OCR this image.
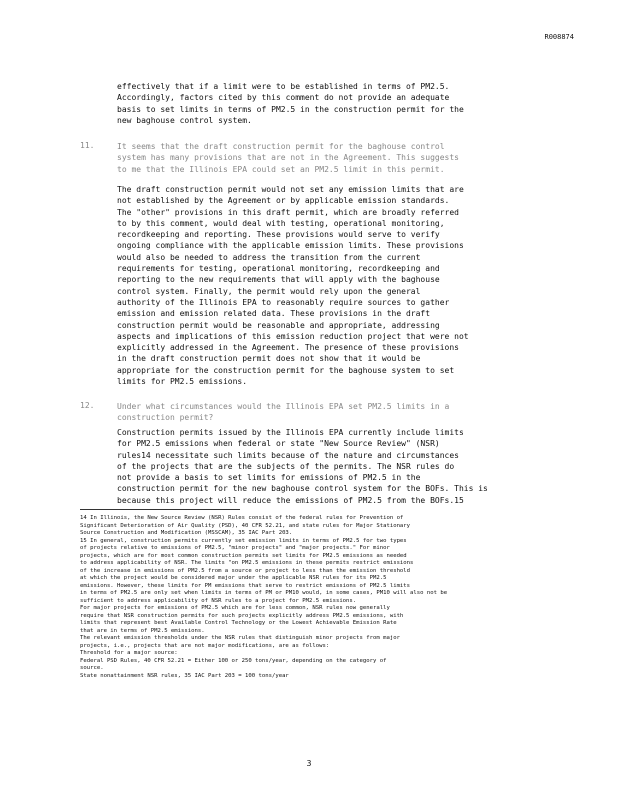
R008874
effectively that if a limit were to be established in terms of PM2.5.
Accordingly, factors cited by this comment do not provide an adequate
basis to set limits in terms of PM2.5 in the construction permit for the
new baghouse control system.
11.	It seems that the draft construction permit for the baghouse control
system has many provisions that are not in the Agreement. This suggests
to me that the Illinois EPA could set an PM2.5 limit in this permit.
The draft construction permit would not set any emission limits that are
not established by the Agreement or by applicable emission standards.
The "other" provisions in this draft permit, which are broadly referred
to by this comment, would deal with testing, operational monitoring,
recordkeeping and reporting. These provisions would serve to verify
ongoing compliance with the applicable emission limits. These provisions
would also be needed to address the transition from the current
requirements for testing, operational monitoring, recordkeeping and
reporting to the new requirements that will apply with the baghouse
control system. Finally, the permit would rely upon the general
authority of the Illinois EPA to reasonably require sources to gather
emission and emission related data. These provisions in the draft
construction permit would be reasonable and appropriate, addressing
aspects and implications of this emission reduction project that were not
explicitly addressed in the Agreement. The presence of these provisions
in the draft construction permit does not show that it would be
appropriate for the construction permit for the baghouse system to set
limits for PM2.5 emissions.
12.	Under what circumstances would the Illinois EPA set PM2.5 limits in a
construction permit?
Construction permits issued by the Illinois EPA currently include limits
for PM2.5 emissions when federal or state "New Source Review" (NSR)
rules14 necessitate such limits because of the nature and circumstances
of the projects that are the subjects of the permits. The NSR rules do
not provide a basis to set limits for emissions of PM2.5 in the
construction permit for the new baghouse control system for the BOFs. This is
because this project will reduce the emissions of PM2.5 from the BOFs.15
14 In Illinois, the New Source Review (NSR) Rules consist of the federal rules for Prevention of
Significant Deterioration of Air Quality (PSD), 40 CFR 52.21, and state rules for Major Stationary
Source Construction and Modification (MSSCAM), 35 IAC Part 203.
15 In general, construction permits currently set emission limits in terms of PM2.5 for two types
of projects relative to emissions of PM2.5, "minor projects" and "major projects." For minor
projects, which are for most common construction permits set limits for PM2.5 emissions as needed
to address applicability of NSR. The limits "on PM2.5 emissions in these permits restrict emissions
of the increase in emissions of PM2.5 from a source or project to less than the emission threshold
at which the project would be considered major under the applicable NSR rules for its PM2.5
emissions. However, these limits for PM emissions that serve to restrict emissions of PM2.5 limits
in terms of PM2.5 are only set when limits in terms of PM or PM10 would, in some cases, PM10 will also not be
sufficient to address applicability of NSR rules to a project for PM2.5 emissions.
For major projects for emissions of PM2.5 which are for less common, NSR rules now generally
require that NSR construction permits for such projects explicitly address PM2.5 emissions, with
limits that represent best Available Control Technology or the Lowest Achievable Emission Rate
that are in terms of PM2.5 emissions.
The relevant emission thresholds under the NSR rules that distinguish minor projects from major
projects, i.e., projects that are not major modifications, are as follows:
Threshold for a major source:
Federal PSD Rules, 40 CFR 52.21 = Either 100 or 250 tons/year, depending on the category of
source.
State nonattainment NSR rules, 35 IAC Part 203 = 100 tons/year
3
